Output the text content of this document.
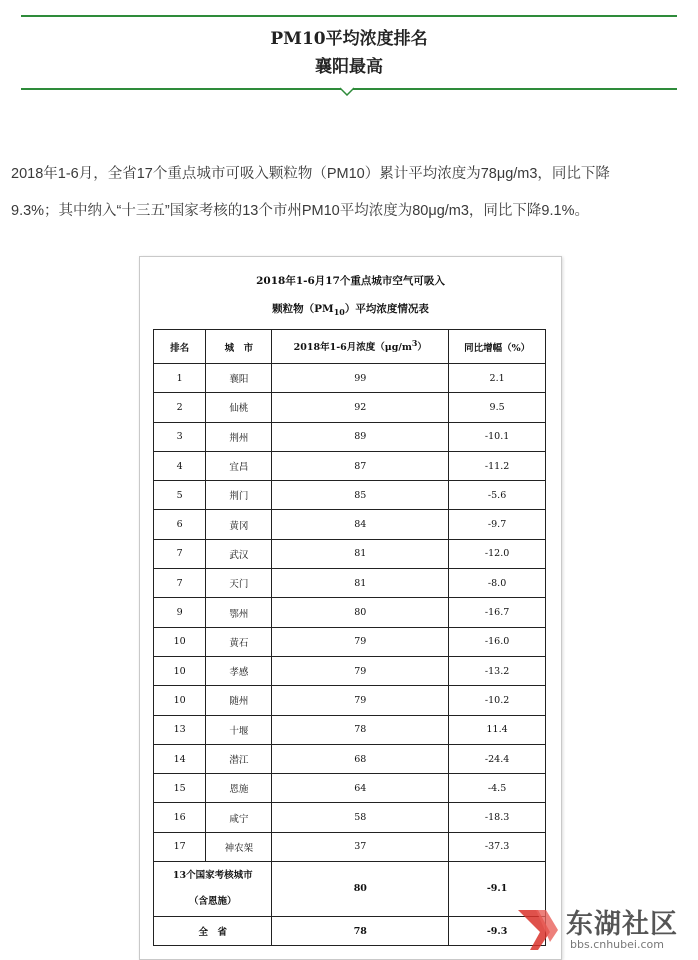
PM10平均浓度排名
襄阳最高

2018年1-6月，全省17个重点城市可吸入颗粒物（PM10）累计平均浓度为78μg/m3，同比下降

9.3%；其中纳入“十三五”国家考核的13个市州PM10平均浓度为80μg/m3，同比下降9.1%。

2018年1-6月17个重点城市空气可吸入
颗粒物$(PM_{10})$平均浓度情况表
排名	城　市	2018年1-6月浓度$(\mu g/m^3)$	同比增幅（%）
1	襄阳	99	2.1
2	仙桃	92	9.5
3	荆州	89	-10.1
4	宜昌	87	-11.2
5	荆门	85	-5.6
6	黄冈	84	-9.7
7	武汉	81	-12.0
7	天门	81	-8.0
9	鄂州	80	-16.7
10	黄石	79	-16.0
10	孝感	79	-13.2
10	随州	79	-10.2
13	十堰	78	11.4
14	潜江	68	-24.4
15	恩施	64	-4.5
16	咸宁	58	-18.3
17	神农架	37	-37.3

13个国家考核城市
（含恩施）		80	-9.1

全　省		78	-9.3 东湖社区
bbs.cnhubei.com
